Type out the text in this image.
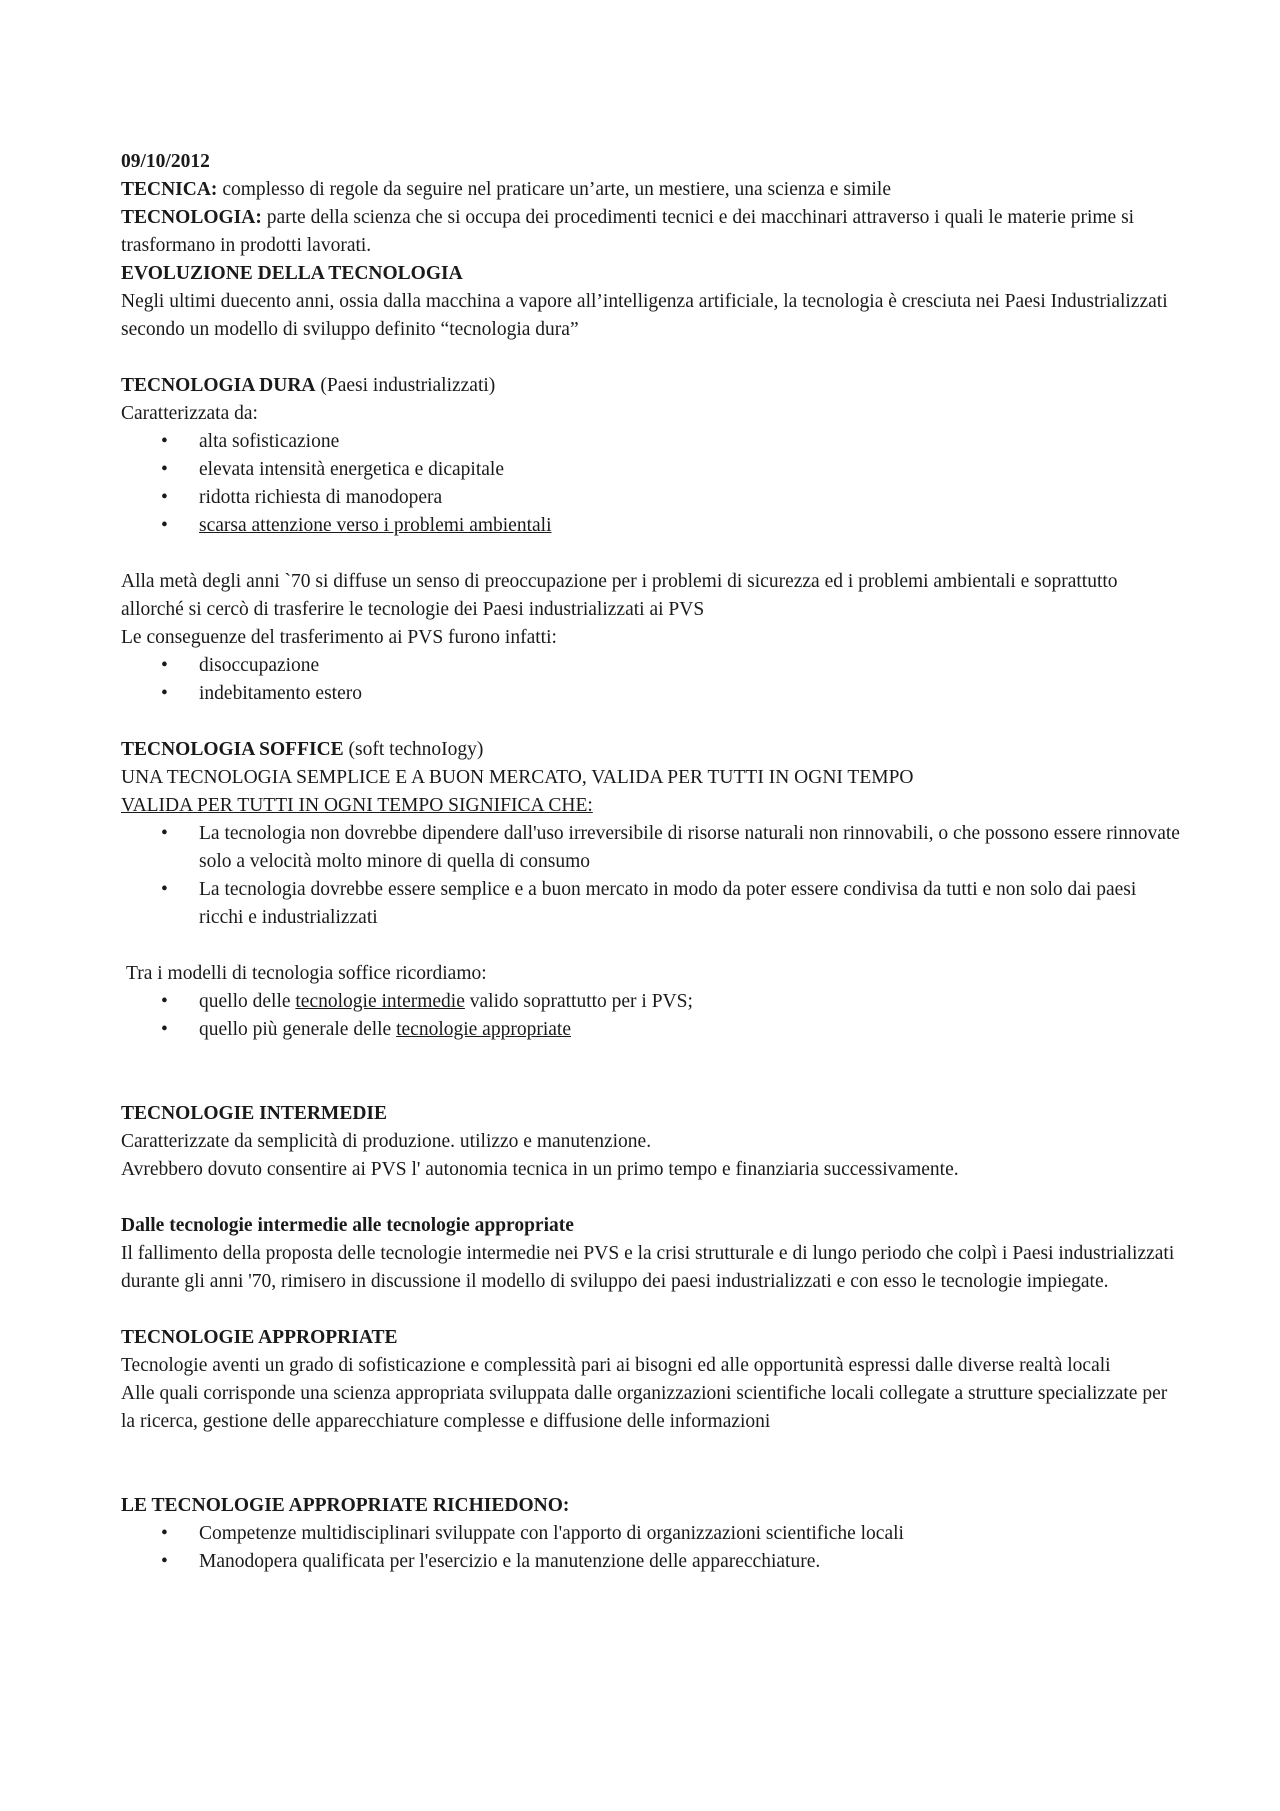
09/10/2012

TECNICA: complesso di regole da seguire nel praticare un’arte, un mestiere, una scienza e simile

TECNOLOGIA: parte della scienza che si occupa dei procedimenti tecnici e dei macchinari attraverso i quali le materie prime si trasformano in prodotti lavorati.

EVOLUZIONE DELLA TECNOLOGIA

Negli ultimi duecento anni, ossia dalla macchina a vapore all’intelligenza artificiale, la tecnologia è cresciuta nei Paesi Industrializzati secondo un modello di sviluppo definito “tecnologia dura”

TECNOLOGIA DURA (Paesi industrializzati)

Caratterizzata da:

• alta sofisticazione
• elevata intensità energetica e dicapitale
• ridotta richiesta di manodopera
• scarsa attenzione verso i problemi ambientali

Alla metà degli anni `70 si diffuse un senso di preoccupazione per i problemi di sicurezza ed i problemi ambientali e soprattutto allorché si cercò di trasferire le tecnologie dei Paesi industrializzati ai PVS

Le conseguenze del trasferimento ai PVS furono infatti:

• disoccupazione
• indebitamento estero

TECNOLOGIA SOFFICE (soft technoIogy)

UNA TECNOLOGIA SEMPLICE E A BUON MERCATO, VALIDA PER TUTTI IN OGNI TEMPO

VALIDA PER TUTTI IN OGNI TEMPO SIGNIFICA CHE:

• La tecnologia non dovrebbe dipendere dall'uso irreversibile di risorse naturali non rinnovabili, o che possono essere rinnovate solo a velocità molto minore di quella di consumo
• La tecnologia dovrebbe essere semplice e a buon mercato in modo da poter essere condivisa da tutti e non solo dai paesi ricchi e industrializzati

Tra i modelli di tecnologia soffice ricordiamo:

• quello delle tecnologie intermedie valido soprattutto per i PVS;
• quello più generale delle tecnologie appropriate

TECNOLOGIE INTERMEDIE

Caratterizzate da semplicità di produzione. utilizzo e manutenzione.

Avrebbero dovuto consentire ai PVS l' autonomia tecnica in un primo tempo e finanziaria successivamente.

Dalle tecnologie intermedie alle tecnologie appropriate

Il fallimento della proposta delle tecnologie intermedie nei PVS e la crisi strutturale e di lungo periodo che colpì i Paesi industrializzati durante gli anni '70, rimisero in discussione il modello di sviluppo dei paesi industrializzati e con esso le tecnologie impiegate.

TECNOLOGIE APPROPRIATE

Tecnologie aventi un grado di sofisticazione e complessità pari ai bisogni ed alle opportunità espressi dalle diverse realtà locali

Alle quali corrisponde una scienza appropriata sviluppata dalle organizzazioni scientifiche locali collegate a strutture specializzate per la ricerca, gestione delle apparecchiature complesse e diffusione delle informazioni

LE TECNOLOGIE APPROPRIATE RICHIEDONO:

• Competenze multidisciplinari sviluppate con l'apporto di organizzazioni scientifiche locali
• Manodopera qualificata per l'esercizio e la manutenzione delle apparecchiature.
